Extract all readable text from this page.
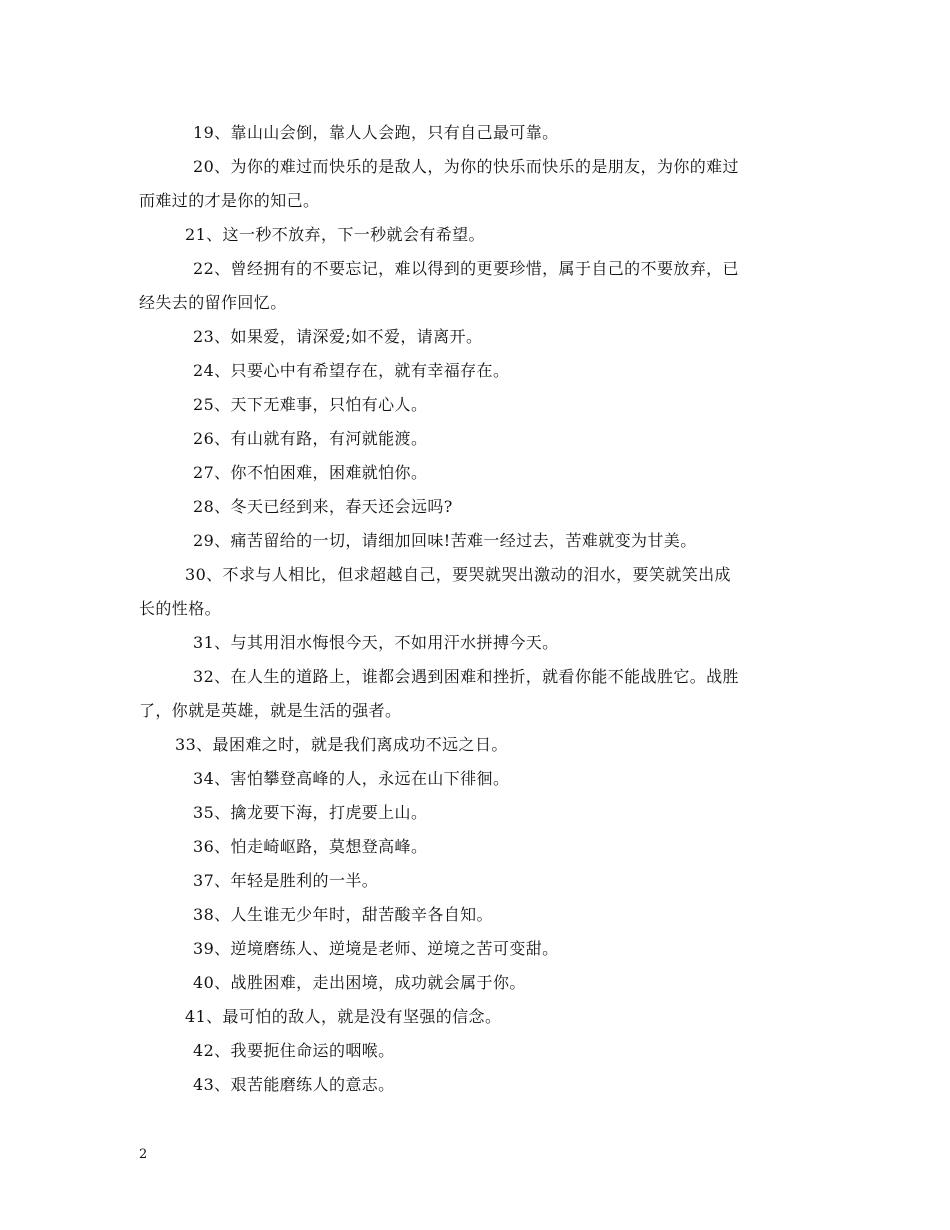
19、靠山山会倒，靠人人会跑，只有自己最可靠。
20、为你的难过而快乐的是敌人，为你的快乐而快乐的是朋友，为你的难过
而难过的才是你的知己。
21、这一秒不放弃，下一秒就会有希望。
22、曾经拥有的不要忘记，难以得到的更要珍惜，属于自己的不要放弃，已
经失去的留作回忆。
23、如果爱，请深爱;如不爱，请离开。
24、只要心中有希望存在，就有幸福存在。
25、天下无难事，只怕有心人。
26、有山就有路，有河就能渡。
27、你不怕困难，困难就怕你。
28、冬天已经到来，春天还会远吗?
29、痛苦留给的一切，请细加回味!苦难一经过去，苦难就变为甘美。
30、不求与人相比，但求超越自己，要哭就哭出激动的泪水，要笑就笑出成
长的性格。
31、与其用泪水悔恨今天，不如用汗水拼搏今天。
32、在人生的道路上，谁都会遇到困难和挫折，就看你能不能战胜它。战胜
了，你就是英雄，就是生活的强者。
33、最困难之时，就是我们离成功不远之日。
34、害怕攀登高峰的人，永远在山下徘徊。
35、擒龙要下海，打虎要上山。
36、怕走崎岖路，莫想登高峰。
37、年轻是胜利的一半。
38、人生谁无少年时，甜苦酸辛各自知。
39、逆境磨练人、逆境是老师、逆境之苦可变甜。
40、战胜困难，走出困境，成功就会属于你。
41、最可怕的敌人，就是没有坚强的信念。
42、我要扼住命运的咽喉。
43、艰苦能磨练人的意志。
2
